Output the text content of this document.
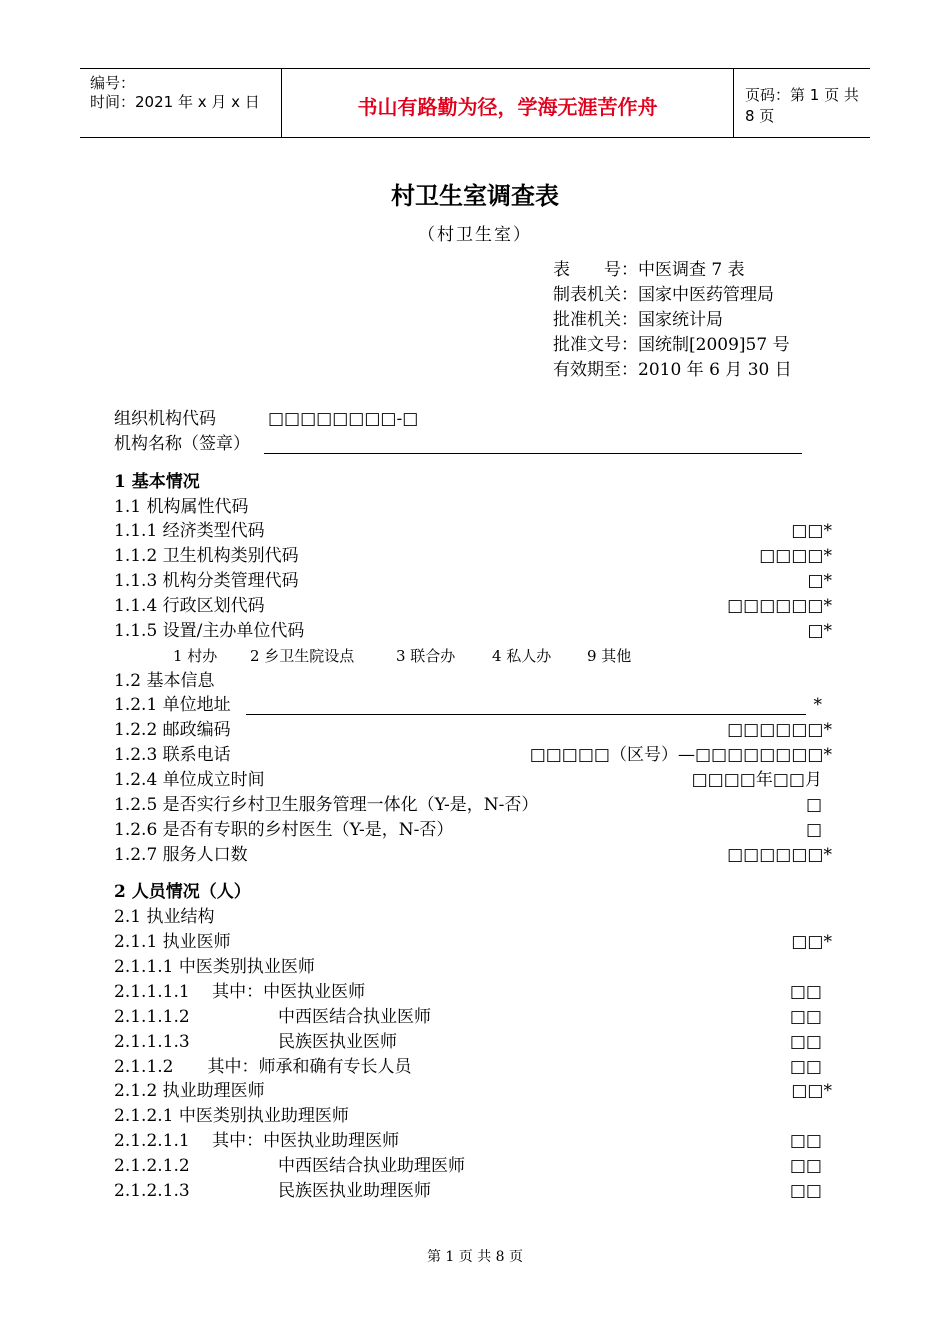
编号：
时间：2021 年 x 月 x 日	书山有路勤为径，学海无涯苦作舟	页码：第 1 页 共 8 页
村卫生室调查表
（村卫生室）
表　　号：中医调查 7 表
制表机关：国家中医药管理局
批准机关：国家统计局
批准文号：国统制[2009]57 号
有效期至：2010 年 6 月 30 日
组织机构代码	□□□□□□□□-□
机构名称（签章）
1 基本情况
1.1 机构属性代码
1.1.1 经济类型代码	□□*
1.1.2 卫生机构类别代码	□□□□*
1.1.3 机构分类管理代码	□*
1.1.4 行政区划代码	□□□□□□*
1.1.5 设置/主办单位代码	□*
1 村办 2 乡卫生院设点	3 联合办 4 私人办 9 其他
1.2 基本信息
1.2.1 单位地址	*
1.2.2 邮政编码	□□□□□□*
1.2.3 联系电话	□□□□□（区号）—□□□□□□□□*
1.2.4 单位成立时间	□□□□年□□月
1.2.5 是否实行乡村卫生服务管理一体化（Y-是，N-否）	□
1.2.6 是否有专职的乡村医生（Y-是，N-否）	□
1.2.7 服务人口数	□□□□□□*
2 人员情况（人）
2.1 执业结构
2.1.1 执业医师	□□*
2.1.1.1 中医类别执业医师
2.1.1.1.1　 其中：中医执业医师	□□
2.1.1.1.2	中西医结合执业医师	□□
2.1.1.1.3	民族医执业医师	□□
2.1.1.2　　其中：师承和确有专长人员	□□
2.1.2 执业助理医师	□□*
2.1.2.1 中医类别执业助理医师
2.1.2.1.1　 其中：中医执业助理医师	□□
2.1.2.1.2	中西医结合执业助理医师	□□
2.1.2.1.3	民族医执业助理医师	□□
第 1 页 共 8 页
